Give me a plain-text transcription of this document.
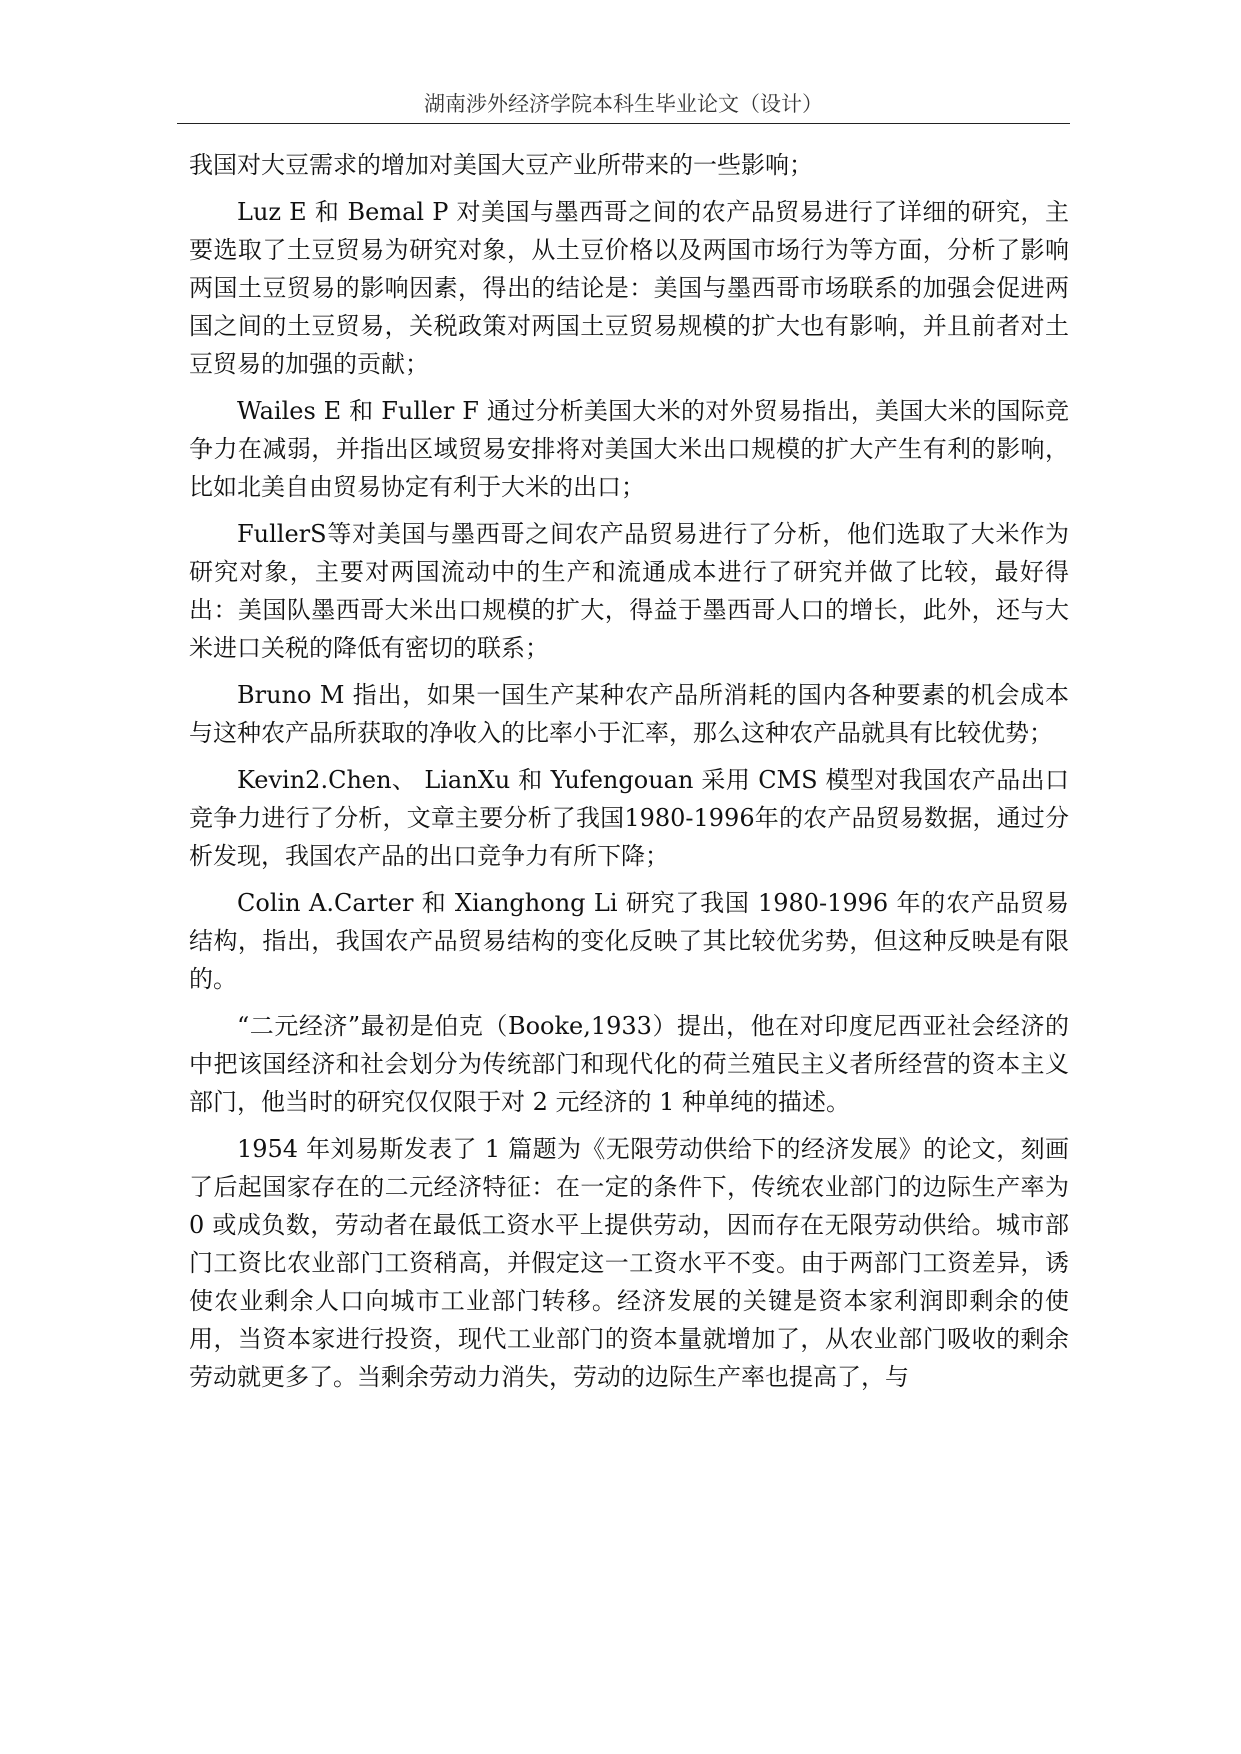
湖南涉外经济学院本科生毕业论文（设计）

我国对大豆需求的增加对美国大豆产业所带来的一些影响；

Luz E 和 Bemal P 对美国与墨西哥之间的农产品贸易进行了详细的研究，主要选取了土豆贸易为研究对象，从土豆价格以及两国市场行为等方面，分析了影响两国土豆贸易的影响因素，得出的结论是：美国与墨西哥市场联系的加强会促进两国之间的土豆贸易，关税政策对两国土豆贸易规模的扩大也有影响，并且前者对土豆贸易的加强的贡献；

Wailes E 和 Fuller F 通过分析美国大米的对外贸易指出，美国大米的国际竞争力在减弱，并指出区域贸易安排将对美国大米出口规模的扩大产生有利的影响，比如北美自由贸易协定有利于大米的出口；

FullerS等对美国与墨西哥之间农产品贸易进行了分析，他们选取了大米作为研究对象，主要对两国流动中的生产和流通成本进行了研究并做了比较，最好得出：美国队墨西哥大米出口规模的扩大，得益于墨西哥人口的增长，此外，还与大米进口关税的降低有密切的联系；

Bruno M 指出，如果一国生产某种农产品所消耗的国内各种要素的机会成本与这种农产品所获取的净收入的比率小于汇率，那么这种农产品就具有比较优势；

Kevin2.Chen、 LianXu 和 Yufengouan 采用 CMS 模型对我国农产品出口竞争力进行了分析，文章主要分析了我国1980-1996年的农产品贸易数据，通过分析发现，我国农产品的出口竞争力有所下降；

Colin A.Carter 和 Xianghong Li 研究了我国 1980-1996 年的农产品贸易结构，指出，我国农产品贸易结构的变化反映了其比较优劣势，但这种反映是有限的。

“二元经济”最初是伯克（Booke,1933）提出，他在对印度尼西亚社会经济的中把该国经济和社会划分为传统部门和现代化的荷兰殖民主义者所经营的资本主义部门，他当时的研究仅仅限于对 2 元经济的 1 种单纯的描述。

1954 年刘易斯发表了 1 篇题为《无限劳动供给下的经济发展》的论文，刻画了后起国家存在的二元经济特征：在一定的条件下，传统农业部门的边际生产率为 0 或成负数，劳动者在最低工资水平上提供劳动，因而存在无限劳动供给。城市部门工资比农业部门工资稍高，并假定这一工资水平不变。由于两部门工资差异，诱使农业剩余人口向城市工业部门转移。经济发展的关键是资本家利润即剩余的使用，当资本家进行投资，现代工业部门的资本量就增加了，从农业部门吸收的剩余劳动就更多了。当剩余劳动力消失，劳动的边际生产率也提高了，与
